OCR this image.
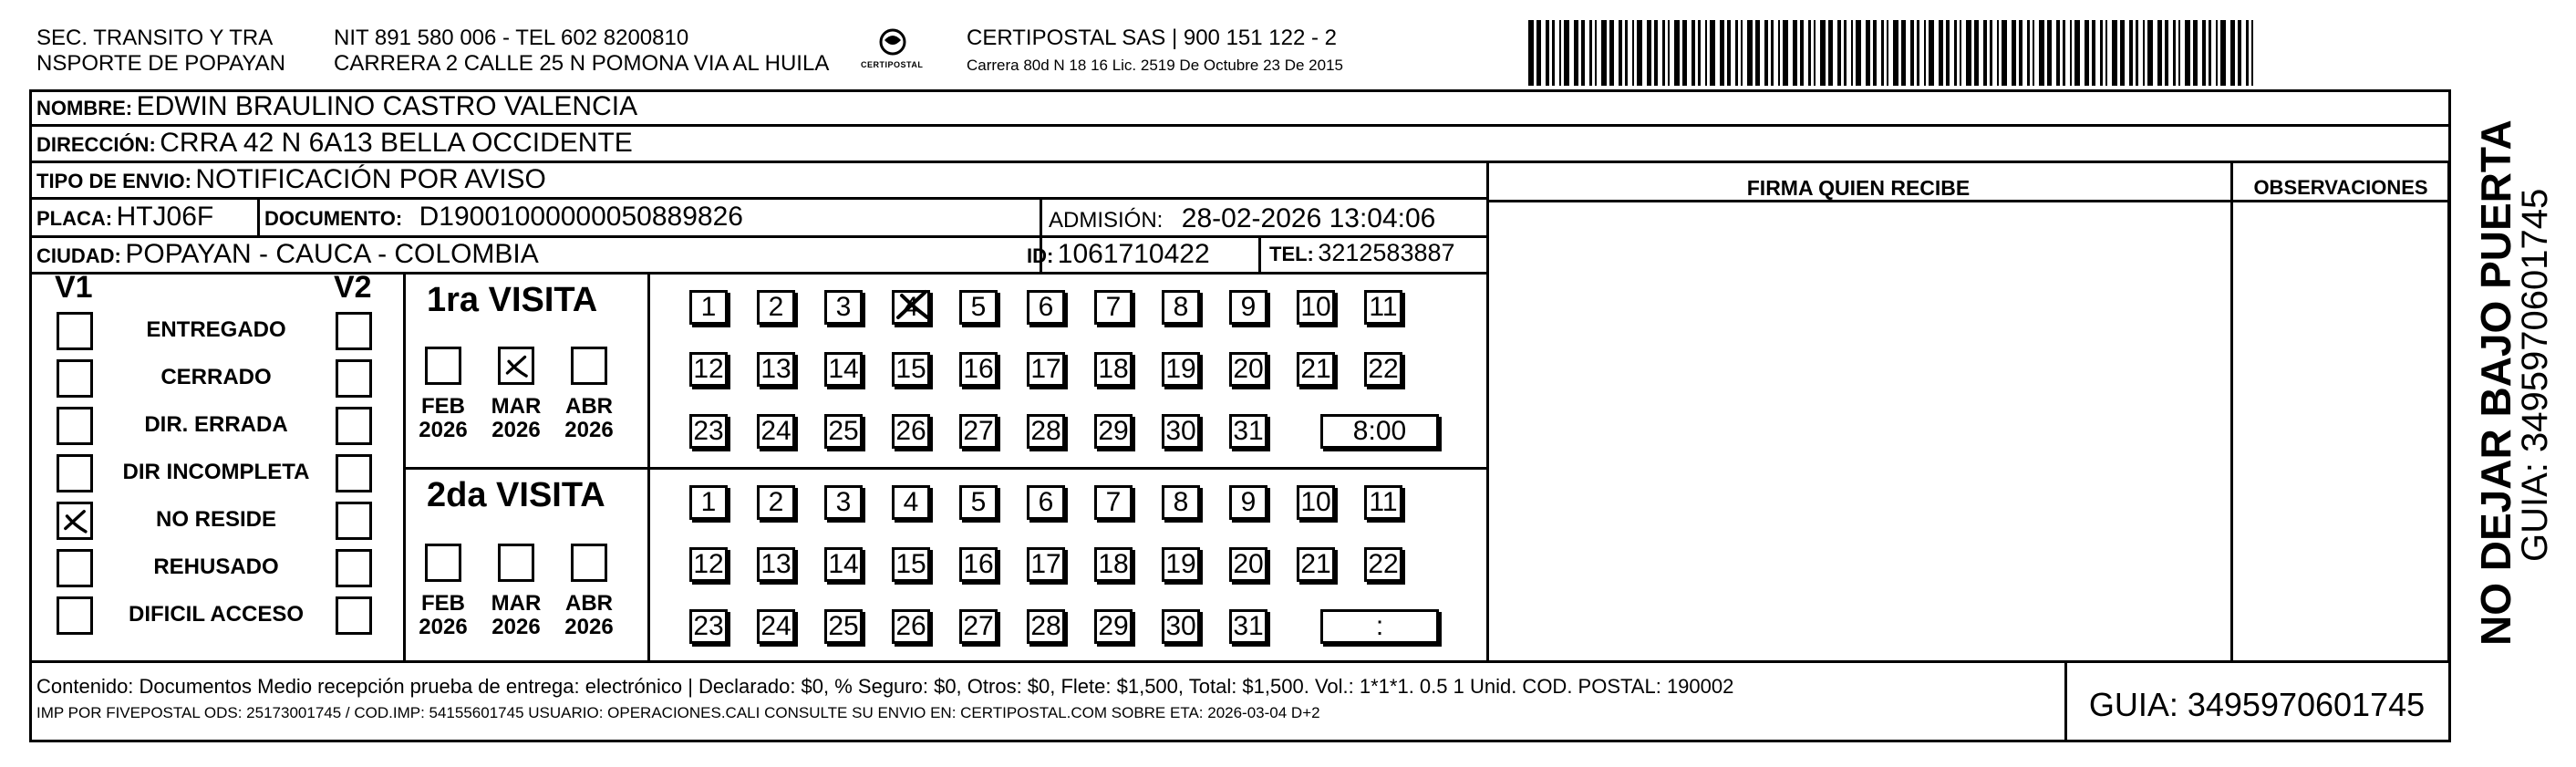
SEC. TRANSITO Y TRA
NSPORTE DE POPAYAN
NIT 891 580 006 - TEL 602 8200810
CARRERA 2 CALLE 25 N POMONA VIA AL HUILA	CERTIPOSTAL
CERTIPOSTAL SAS | 900 151 122 - 2
Carrera 80d N 18 16 Lic. 2519 De Octubre 23 De 2015
NOMBRE: EDWIN BRAULINO CASTRO VALENCIA
DIRECCIÓN: CRRA 42 N 6A13 BELLA OCCIDENTE
TIPO DE ENVIO: NOTIFICACIÓN POR AVISO
PLACA: HTJ06F	DOCUMENTO: D19001000000050889826	ADMISIÓN: 28-02-2026 13:04:06
CIUDAD: POPAYAN - CAUCA - COLOMBIA	ID: 1061710422	TEL: 3212583887
FIRMA QUIEN RECIBE	OBSERVACIONES
V1	V2
ENTREGADO
CERRADO
DIR. ERRADA
DIR INCOMPLETA
NO RESIDE
REHUSADO
DIFICIL ACCESO
1ra VISITA
FEB
2026
MAR
2026
ABR
2026
1	2	3	4	5	6	7	8	9	10 11
12 13 14 15 16 17 18 19 20 21 22
23 24 25 26 27 28 29 30 31	8:00
2da VISITA
FEB
2026
MAR
2026
ABR
2026
1	2	3	4	5	6	7	8	9	10 11
12 13 14 15 16 17 18 19 20 21 22
23 24 25 26 27 28 29 30 31	:
Contenido: Documentos Medio recepción prueba de entrega: electrónico | Declarado: $0, % Seguro: $0, Otros: $0, Flete: $1,500, Total: $1,500. Vol.: 1*1*1. 0.5 1 Unid. COD. POSTAL: 190002
IMP POR FIVEPOSTAL ODS: 25173001745 / COD.IMP: 54155601745 USUARIO: OPERACIONES.CALI CONSULTE SU ENVIO EN: CERTIPOSTAL.COM SOBRE ETA: 2026-03-04 D+2	GUIA: 3495970601745
NO DEJAR BAJO PUERTA
GUIA: 3495970601745
